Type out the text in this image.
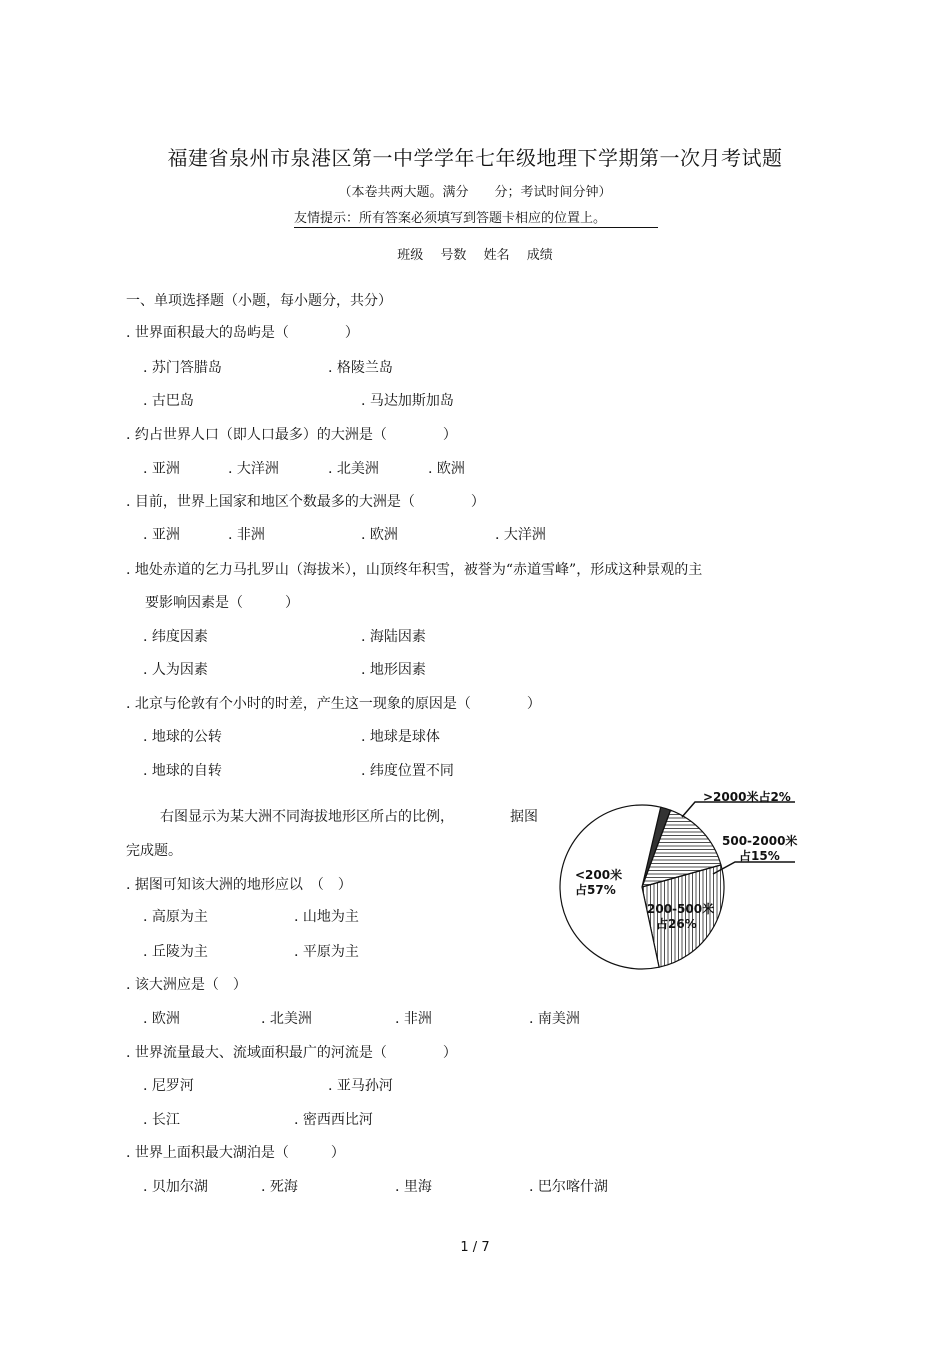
福建省泉州市泉港区第一中学学年七年级地理下学期第一次月考试题
（本卷共两大题。满分　　分；考试时间分钟）
友情提示：所有答案必须填写到答题卡相应的位置上。
班级　 号数　 姓名　 成绩
一、单项选择题（小题，每小题分，共分）
. 世界面积最大的岛屿是（　　　　）
. 苏门答腊岛	. 格陵兰岛
. 古巴岛	. 马达加斯加岛
. 约占世界人口（即人口最多）的大洲是（　　　　）
. 亚洲	. 大洋洲	. 北美洲	. 欧洲
. 目前，世界上国家和地区个数最多的大洲是（　　　　）
. 亚洲	. 非洲	. 欧洲	. 大洋洲
. 地处赤道的乞力马扎罗山（海拔米），山顶终年积雪，被誉为“赤道雪峰”，形成这种景观的主
要影响因素是（　　　）
. 纬度因素	. 海陆因素
. 人为因素	. 地形因素
. 北京与伦敦有个小时的时差，产生这一现象的原因是（　　　　）
. 地球的公转	. 地球是球体
. 地球的自转	. 纬度位置不同
右图显示为某大洲不同海拔地形区所占的比例，	据图
完成题。
. 据图可知该大洲的地形应以　（　）
. 高原为主	. 山地为主
. 丘陵为主	. 平原为主
. 该大洲应是（　）
. 欧洲	. 北美洲	. 非洲	. 南美洲
. 世界流量最大、流域面积最广的河流是（　　　　）
. 尼罗河	. 亚马孙河
. 长江	. 密西西比河
. 世界上面积最大湖泊是（　　　）
. 贝加尔湖	. 死海	. 里海	. 巴尔喀什湖
>2000米占2%
500-2000米
占15%
200-500米
占26%
<200米
占57%
1 / 7
